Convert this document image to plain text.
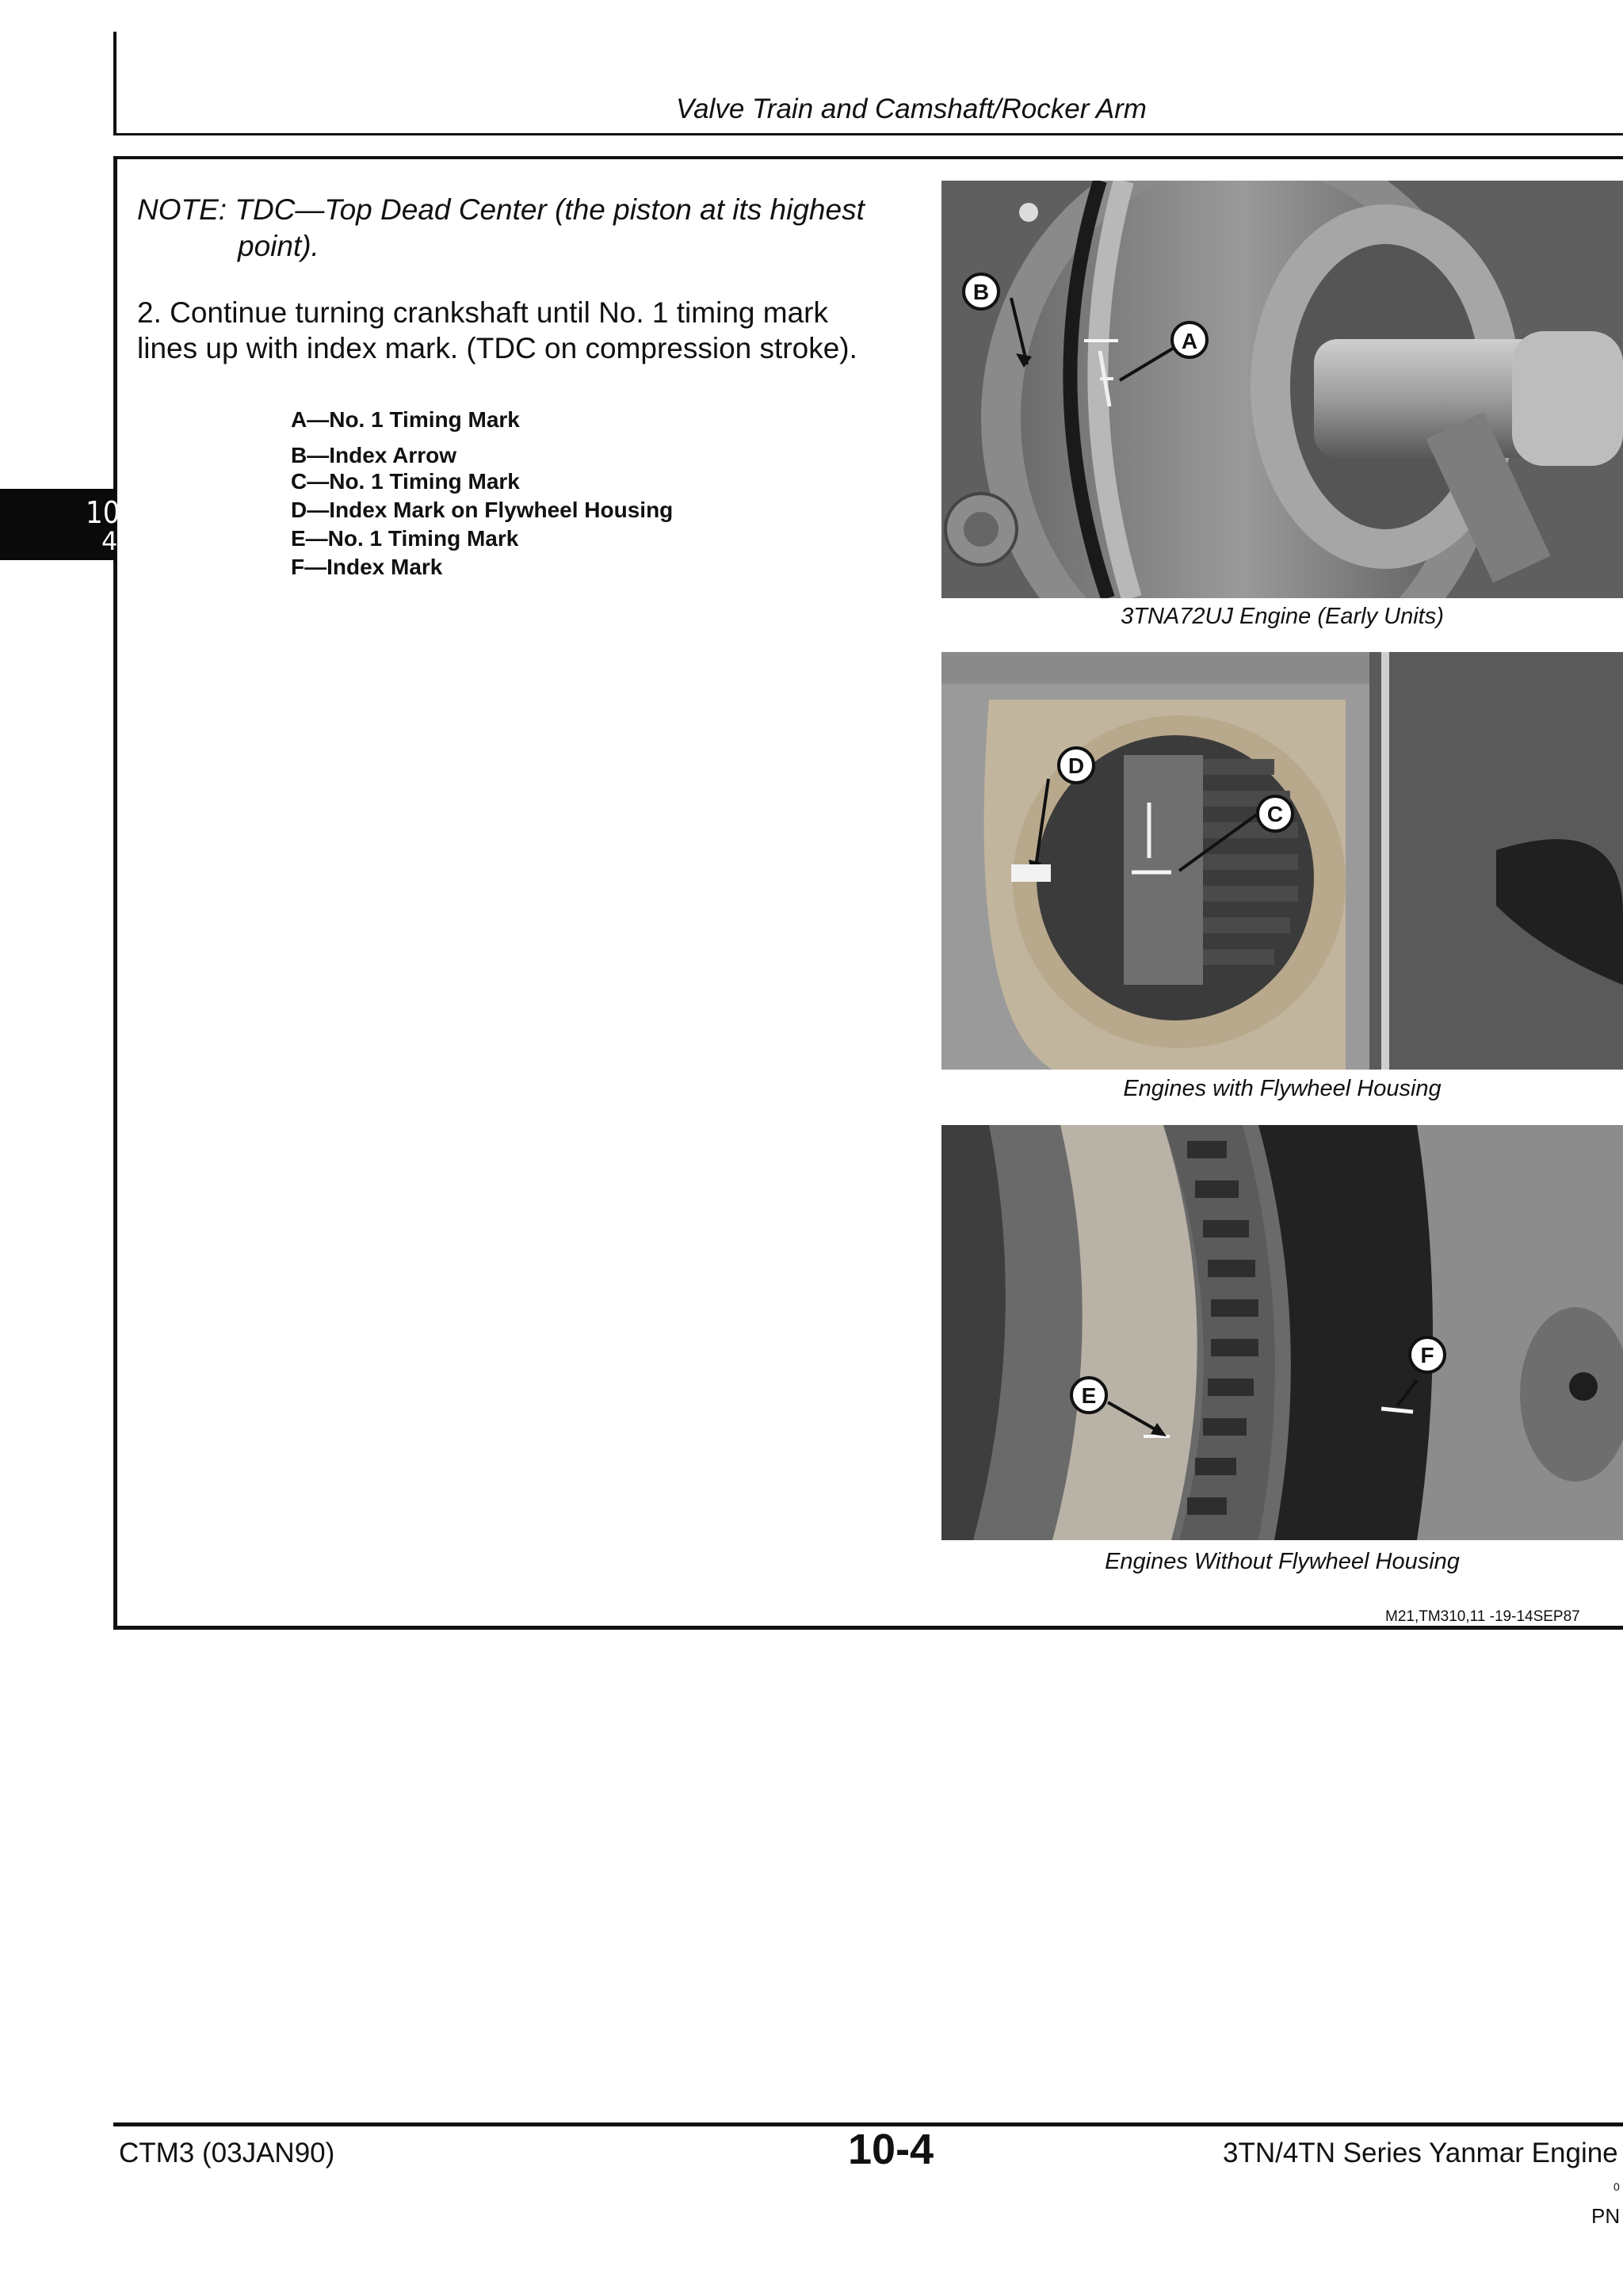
Valve Train and Camshaft/Rocker Arm
10
4
NOTE: TDC—Top Dead Center (the piston at its highest
point).
2. Continue turning crankshaft until No. 1 timing mark
lines up with index mark. (TDC on compression stroke).
A—No. 1 Timing Mark
B—Index Arrow
C—No. 1 Timing Mark
D—Index Mark on Flywheel Housing
E—No. 1 Timing Mark
F—Index Mark
A
B
3TNA72UJ Engine (Early Units)
D
C
Engines with Flywheel Housing
E
F
Engines Without Flywheel Housing
M21,TM310,11 -19-14SEP87
CTM3 (03JAN90)	10-4	3TN/4TN Series Yanmar Engine
0
PN
